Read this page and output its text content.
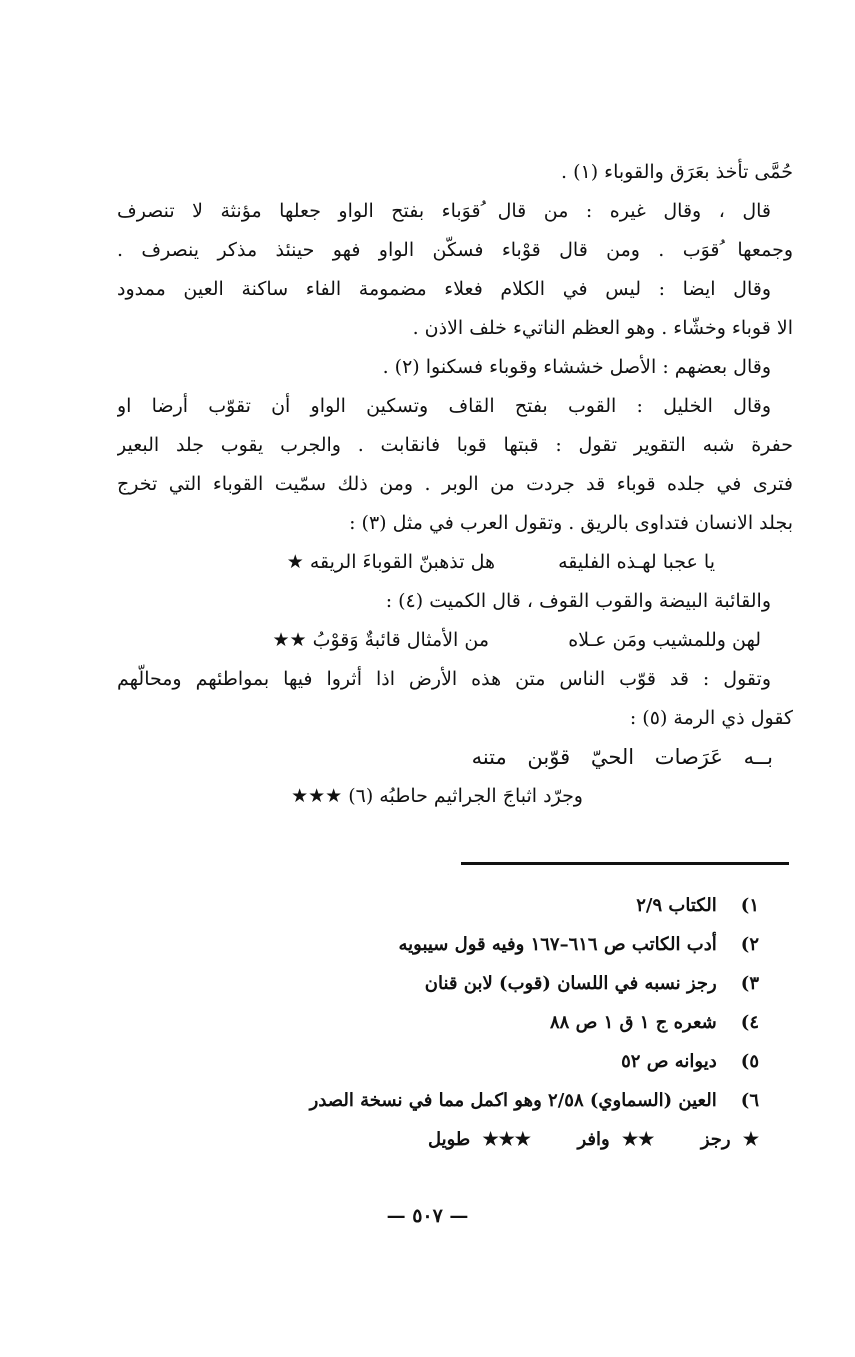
حُمَّى تأخذ بعَرَق والقوباء (١) .
قال ، وقال غيره : من قال ُقوَباء بفتح الواو جعلها مؤنثة لا تنصرف
وجمعها ُقوَب . ومن قال قوْباء فسكّن الواو فهو حينئذ مذكر ينصرف .
وقال ايضا : ليس في الكلام فعلاء مضمومة الفاء ساكنة العين ممدود
الا قوباء وخشّاء . وهو العظم الناتيء خلف الاذن .
وقال بعضهم : الأصل خششاء وقوباء فسكنوا (٢) .
وقال الخليل : القوب بفتح القاف وتسكين الواو أن تقوّب أرضا او
حفرة شبه التقوير تقول : قبتها قوبا فانقابت . والجرب يقوب جلد البعير
فترى في جلده قوباء قد جردت من الوبر . ومن ذلك سمّيت القوباء التي تخرج
بجلد الانسان فتداوى بالريق . وتقول العرب في مثل (٣) :
يا عجبا لهـذه الفليقه
هل تذهبنّ القوباءَ الريقه ★
والقائبة البيضة والقوب القوف ، قال الكميت (٤) :
لهن وللمشيب ومَن عـلاه
من الأمثال قائبةٌ وَقوْبُ ★★
وتقول : قد قوّب الناس متن هذه الأرض اذا أثروا فيها بمواطئهم ومحالّهم
كقول ذي الرمة (٥) :
بــه عَرَصات الحيّ قوّبن متنه
وجرّد اثباجَ الجراثيم حاطبُه (٦) ★★★
١) الكتاب ٢/٩
٢) أدب الكاتب ص ٦١٦–١٦٧ وفيه قول سيبويه
٣) رجز نسبه في اللسان (قوب) لابن قنان
٤) شعره ج ١ ق ١ ص ٨٨
٥) ديوانه ص ٥٢
٦) العين (السماوي) ٢/٥٨ وهو اكمل مما في نسخة الصدر
★ رجز  ★★ وافر  ★★★ طويل
— ٥٠٧ —
